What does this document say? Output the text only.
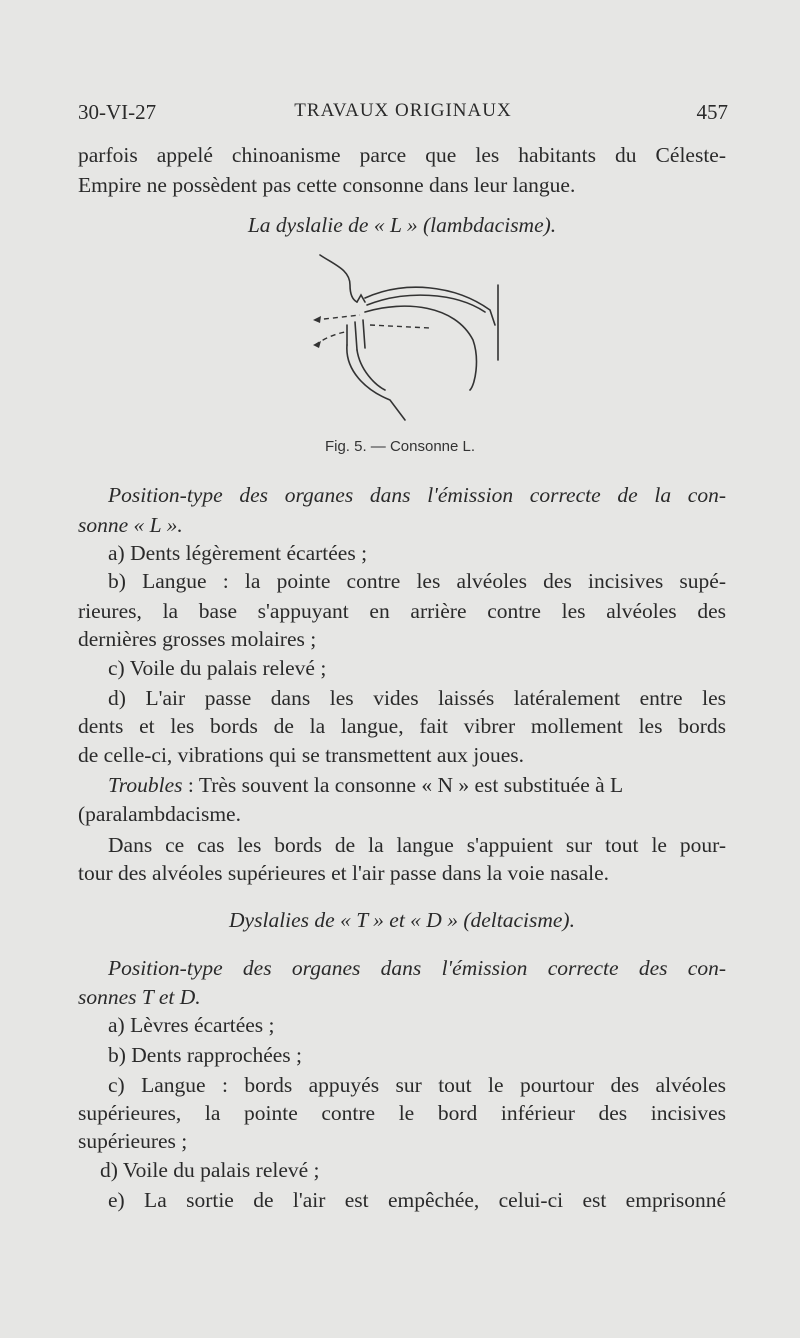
30-VI-27	TRAVAUX ORIGINAUX	457
parfois appelé chinoanisme parce que les habitants du Céleste-
Empire ne possèdent pas cette consonne dans leur langue.
La dyslalie de « L » (lambdacisme).
Fig. 5. — Consonne L.
Position-type des organes dans l'émission correcte de la con-
sonne « L ».
a) Dents légèrement écartées ;
b) Langue : la pointe contre les alvéoles des incisives supé-
rieures, la base s'appuyant en arrière contre les alvéoles des
dernières grosses molaires ;
c) Voile du palais relevé ;
d) L'air passe dans les vides laissés latéralement entre les
dents et les bords de la langue, fait vibrer mollement les bords
de celle-ci, vibrations qui se transmettent aux joues.
Troubles : Très souvent la consonne « N » est substituée à L
(paralambdacisme.
Dans ce cas les bords de la langue s'appuient sur tout le pour-
tour des alvéoles supérieures et l'air passe dans la voie nasale.
Dyslalies de « T » et « D » (deltacisme).
Position-type des organes dans l'émission correcte des con-
sonnes T et D.
a) Lèvres écartées ;
b) Dents rapprochées ;
c) Langue : bords appuyés sur tout le pourtour des alvéoles
supérieures, la pointe contre le bord inférieur des incisives
supérieures ;
d) Voile du palais relevé ;
e) La sortie de l'air est empêchée, celui-ci est emprisonné
